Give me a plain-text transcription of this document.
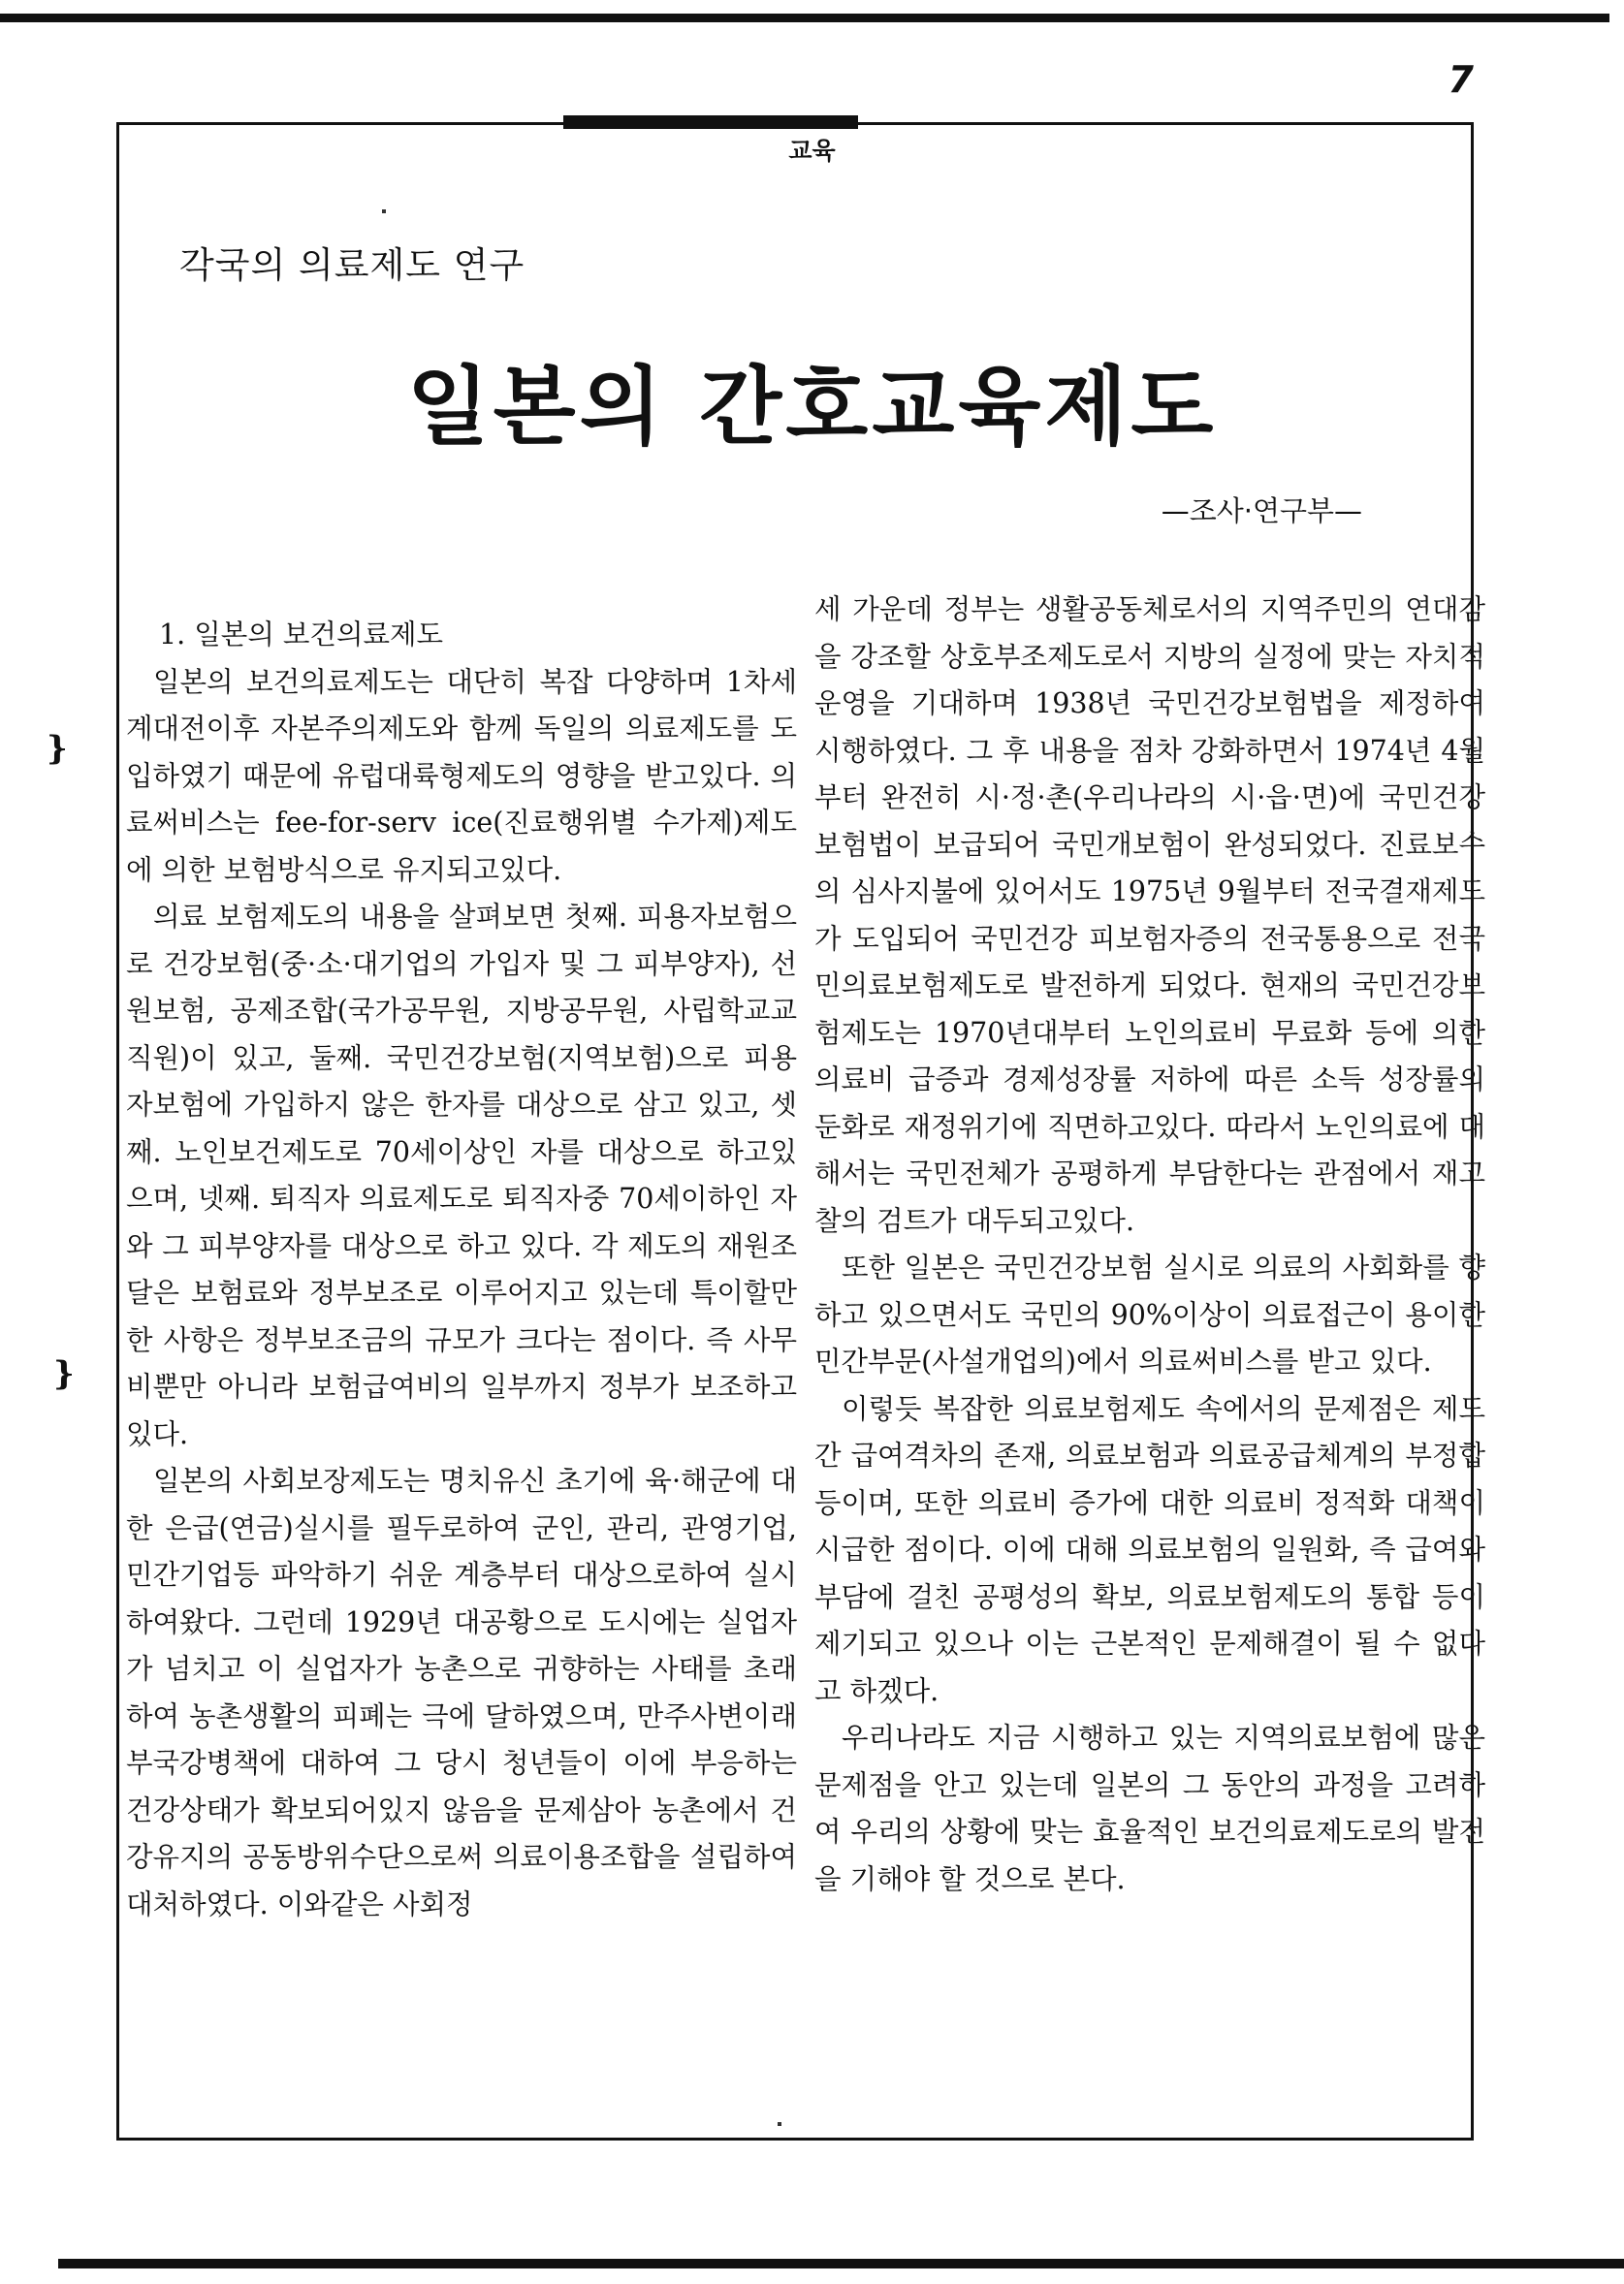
7
교육
각국의 의료제도 연구
일본의 간호교육제도
—조사·연구부—
}
}
1. 일본의 보건의료제도

일본의 보건의료제도는 대단히 복잡 다양하며 1차세계대전이후 자본주의제도와 함께 독일의 의료제도를 도입하였기 때문에 유럽대륙형제도의 영향을 받고있다. 의료써비스는 fee-for-serv ice(진료행위별 수가제)제도에 의한 보험방식으로 유지되고있다.

의료 보험제도의 내용을 살펴보면 첫째. 피용자보험으로 건강보험(중·소·대기업의 가입자 및 그 피부양자), 선원보험, 공제조합(국가공무원, 지방공무원, 사립학교교직원)이 있고, 둘째. 국민건강보험(지역보험)으로 피용자보험에 가입하지 않은 한자를 대상으로 삼고 있고, 셋째. 노인보건제도로 70세이상인 자를 대상으로 하고있으며, 넷째. 퇴직자 의료제도로 퇴직자중 70세이하인 자와 그 피부양자를 대상으로 하고 있다. 각 제도의 재원조달은 보험료와 정부보조로 이루어지고 있는데 특이할만한 사항은 정부보조금의 규모가 크다는 점이다. 즉 사무비뿐만 아니라 보험급여비의 일부까지 정부가 보조하고 있다.

일본의 사회보장제도는 명치유신 초기에 육·해군에 대한 은급(연금)실시를 필두로하여 군인, 관리, 관영기업, 민간기업등 파악하기 쉬운 계층부터 대상으로하여 실시하여왔다. 그런데 1929년 대공황으로 도시에는 실업자가 넘치고 이 실업자가 농촌으로 귀향하는 사태를 초래하여 농촌생활의 피폐는 극에 달하였으며, 만주사변이래 부국강병책에 대하여 그 당시 청년들이 이에 부응하는 건강상태가 확보되어있지 않음을 문제삼아 농촌에서 건강유지의 공동방위수단으로써 의료이용조합을 설립하여 대처하였다. 이와같은 사회정

세 가운데 정부는 생활공동체로서의 지역주민의 연대감을 강조할 상호부조제도로서 지방의 실정에 맞는 자치적 운영을 기대하며 1938년 국민건강보험법을 제정하여 시행하였다. 그 후 내용을 점차 강화하면서 1974년 4월부터 완전히 시·정·촌(우리나라의 시·읍·면)에 국민건강보험법이 보급되어 국민개보험이 완성되었다. 진료보수의 심사지불에 있어서도 1975년 9월부터 전국결재제도가 도입되어 국민건강 피보험자증의 전국통용으로 전국민의료보험제도로 발전하게 되었다. 현재의 국민건강보험제도는 1970년대부터 노인의료비 무료화 등에 의한 의료비 급증과 경제성장률 저하에 따른 소득 성장률의 둔화로 재정위기에 직면하고있다. 따라서 노인의료에 대해서는 국민전체가 공평하게 부담한다는 관점에서 재고찰의 검트가 대두되고있다.

또한 일본은 국민건강보험 실시로 의료의 사회화를 향하고 있으면서도 국민의 90%이상이 의료접근이 용이한 민간부문(사설개업의)에서 의료써비스를 받고 있다.

이렇듯 복잡한 의료보험제도 속에서의 문제점은 제도간 급여격차의 존재, 의료보험과 의료공급체계의 부정합 등이며, 또한 의료비 증가에 대한 의료비 정적화 대책이 시급한 점이다. 이에 대해 의료보험의 일원화, 즉 급여와 부담에 걸친 공평성의 확보, 의료보험제도의 통합 등이 제기되고 있으나 이는 근본적인 문제해결이 될 수 없다고 하겠다.

우리나라도 지금 시행하고 있는 지역의료보험에 많은 문제점을 안고 있는데 일본의 그 동안의 과정을 고려하여 우리의 상황에 맞는 효율적인 보건의료제도로의 발전을 기해야 할 것으로 본다.
